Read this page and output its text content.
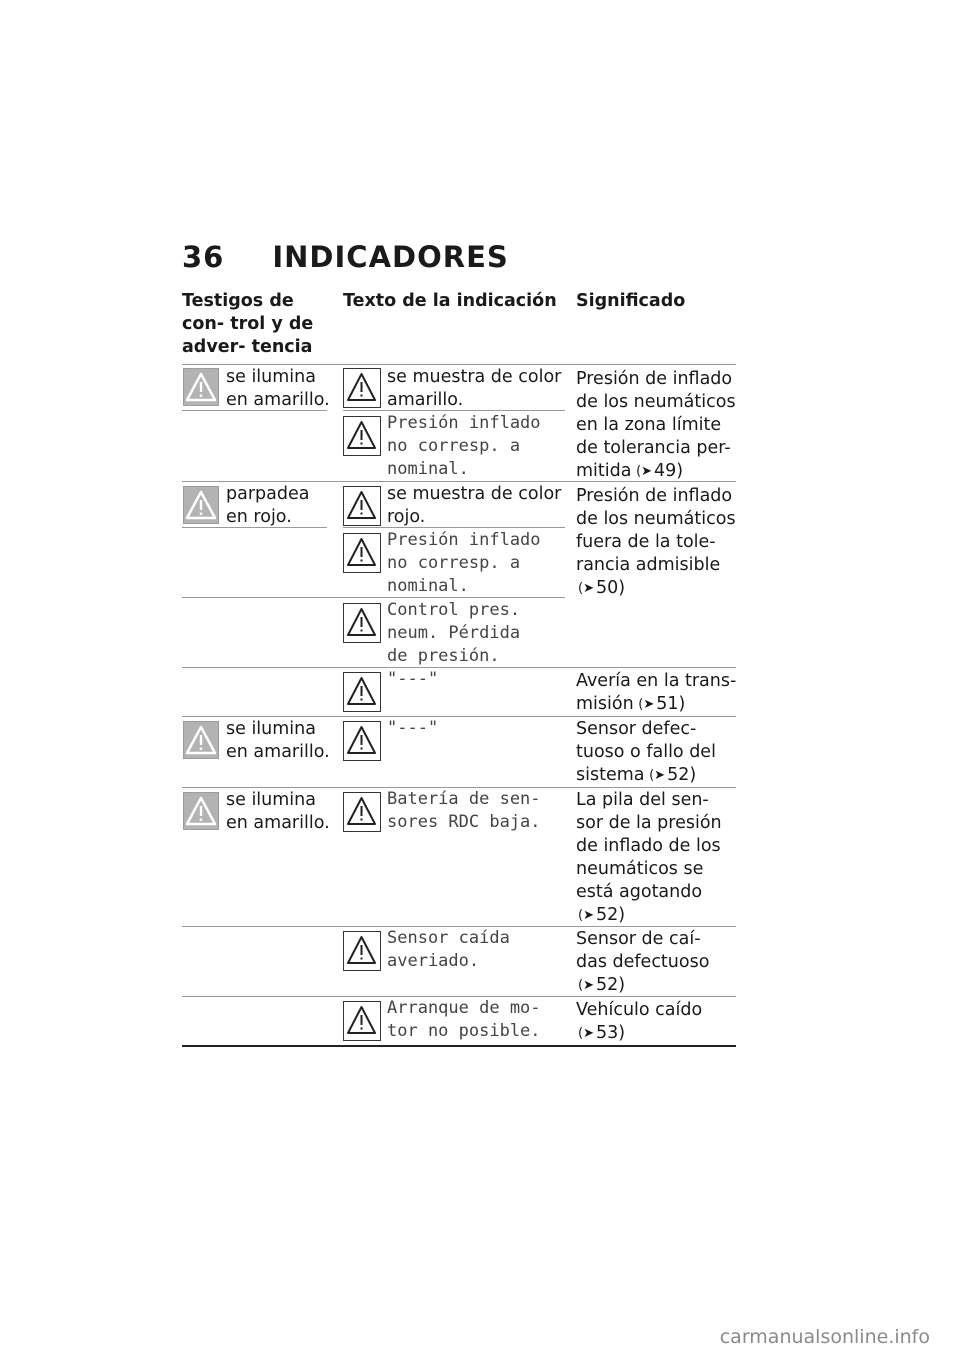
36 INDICADORES
Testigos de con- trol y de adver- tencia
Texto de la indicación Significado
se ilumina
en amarillo.
se muestra de color
amarillo.
Presión de inflado
de los neumáticos
en la zona límite
de tolerancia per-
mitida (➤ 49)
Presión inflado
no corresp. a
nominal.
parpadea
en rojo.
se muestra de color
rojo.
Presión de inflado
de los neumáticos
fuera de la tole-
rancia admisible
(➤ 50)
Presión inflado
no corresp. a
nominal.
Control pres.
neum. Pérdida
de presión.
"---"	Avería en la trans-
misión (➤ 51)
se ilumina
en amarillo.
"---"	Sensor defec-
tuoso o fallo del
sistema (➤ 52)
se ilumina
en amarillo.
Batería de sen-
sores RDC baja.
La pila del sen-
sor de la presión
de inflado de los
neumáticos se
está agotando
(➤ 52)
Sensor caída
averiado.
Sensor de caí-
das defectuoso
(➤ 52)
Arranque de mo-
tor no posible.
Vehículo caído
(➤ 53)
carmanualsonline.info
